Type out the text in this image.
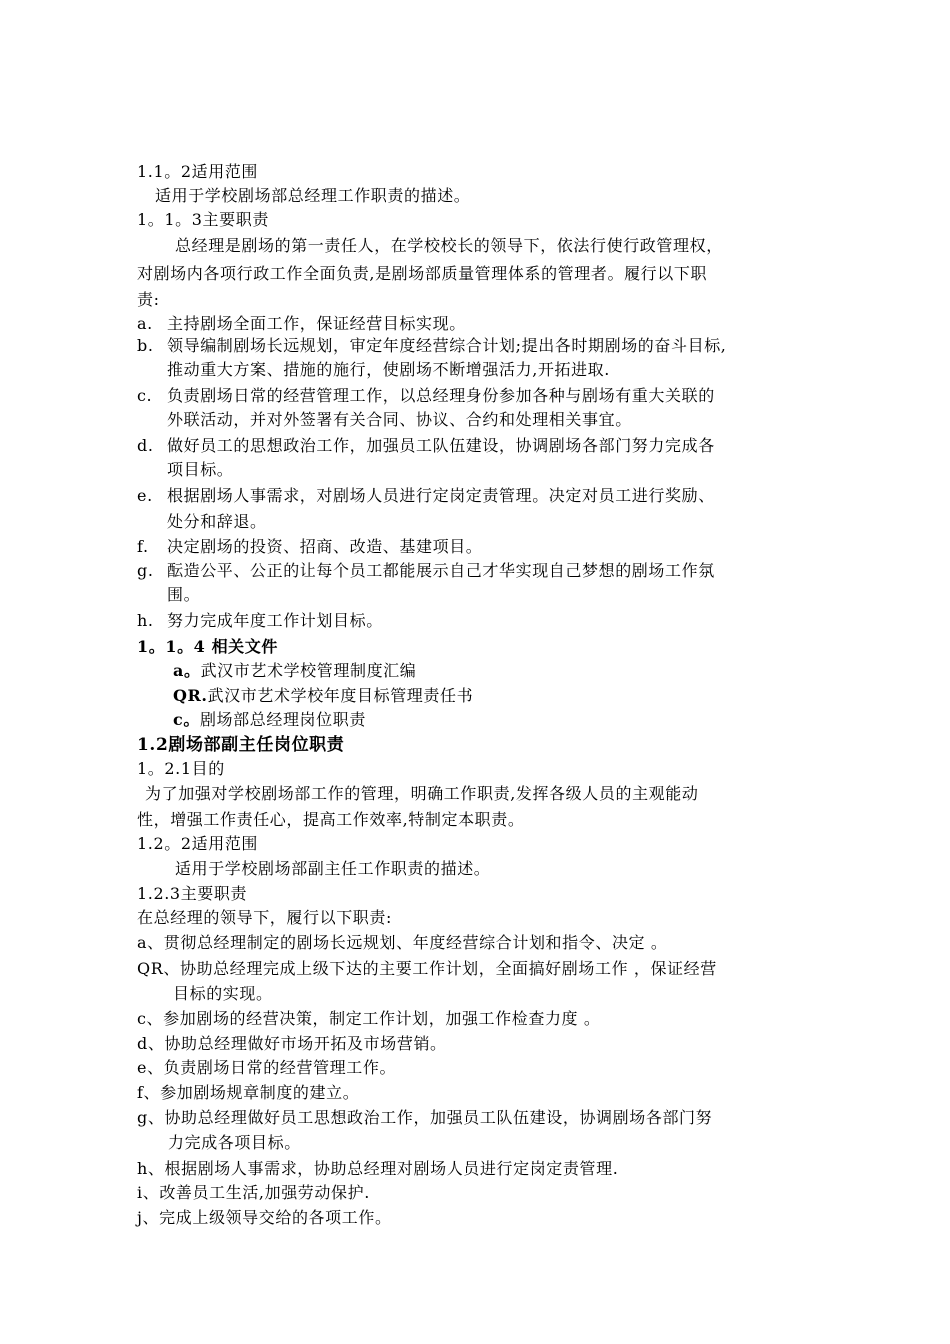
1.1。2适用范围
适用于学校剧场部总经理工作职责的描述。
1。1。3主要职责
总经理是剧场的第一责任人，在学校校长的领导下，依法行使行政管理权，
对剧场内各项行政工作全面负责,是剧场部质量管理体系的管理者。履行以下职
责:
a. 主持剧场全面工作，保证经营目标实现。
b. 领导编制剧场长远规划，审定年度经营综合计划;提出各时期剧场的奋斗目标,
推动重大方案、措施的施行，使剧场不断增强活力,开拓进取.
c. 负责剧场日常的经营管理工作，以总经理身份参加各种与剧场有重大关联的
外联活动，并对外签署有关合同、协议、合约和处理相关事宜。
d. 做好员工的思想政治工作，加强员工队伍建设，协调剧场各部门努力完成各
项目标。
e. 根据剧场人事需求，对剧场人员进行定岗定责管理。决定对员工进行奖励、
处分和辞退。
f. 决定剧场的投资、招商、改造、基建项目。
g. 酝造公平、公正的让每个员工都能展示自己才华实现自己梦想的剧场工作氛
围。
h. 努力完成年度工作计划目标。
1。1。4 相关文件
a。武汉市艺术学校管理制度汇编
QR.武汉市艺术学校年度目标管理责任书
c。剧场部总经理岗位职责
1.2剧场部副主任岗位职责
1。2.1目的
为了加强对学校剧场部工作的管理，明确工作职责,发挥各级人员的主观能动
性，增强工作责任心，提高工作效率,特制定本职责。
1.2。2适用范围
适用于学校剧场部副主任工作职责的描述。
1.2.3主要职责
在总经理的领导下，履行以下职责:
a、贯彻总经理制定的剧场长远规划、年度经营综合计划和指令、决定 。
QR、协助总经理完成上级下达的主要工作计划，全面搞好剧场工作 ，保证经营
目标的实现。
c、参加剧场的经营决策，制定工作计划，加强工作检查力度 。
d、协助总经理做好市场开拓及市场营销。
e、负责剧场日常的经营管理工作。
f、参加剧场规章制度的建立。
g、协助总经理做好员工思想政治工作，加强员工队伍建设，协调剧场各部门努
力完成各项目标。
h、根据剧场人事需求，协助总经理对剧场人员进行定岗定责管理.
i、改善员工生活,加强劳动保护.
j、完成上级领导交给的各项工作。
